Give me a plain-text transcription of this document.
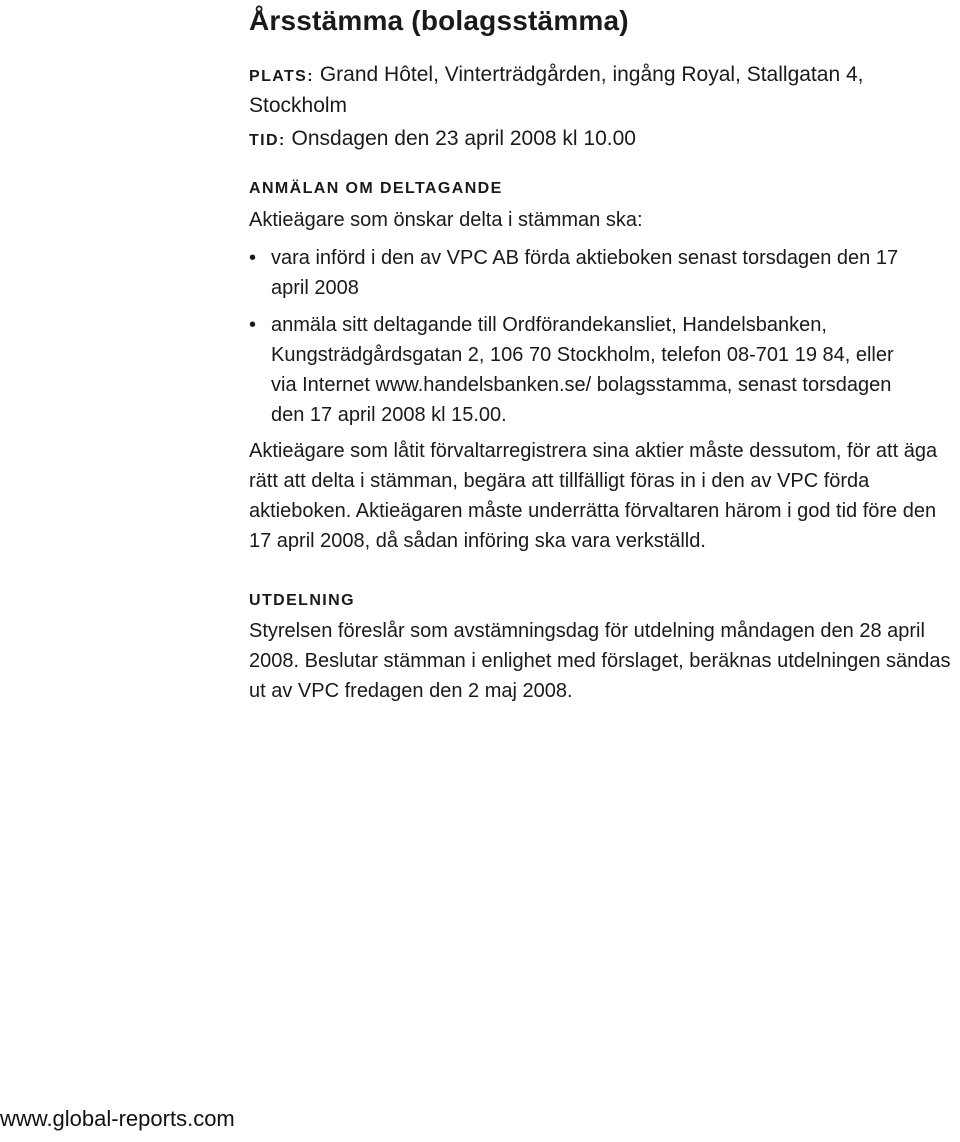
Årsstämma (bolagsstämma)
PLATS: Grand Hôtel, Vinterträdgården, ingång Royal, Stallgatan 4, Stockholm
TID: Onsdagen den 23 april 2008 kl 10.00
ANMÄLAN OM DELTAGANDE

Aktieägare som önskar delta i stämman ska:

• vara införd i den av VPC AB förda aktieboken senast torsdagen den 17 april 2008
• anmäla sitt deltagande till Ordförandekansliet, Handelsbanken, Kungsträdgårdsgatan 2, 106 70 Stockholm, telefon 08-701 19 84, eller via Internet www.handelsbanken.se/ bolagsstamma, senast torsdagen den 17 april 2008 kl 15.00.

Aktieägare som låtit förvaltarregistrera sina aktier måste dessutom, för att äga rätt att delta i stämman, begära att tillfälligt föras in i den av VPC förda aktieboken. Aktieägaren måste underrätta förvaltaren härom i god tid före den 17 april 2008, då sådan införing ska vara verkställd.

UTDELNING

Styrelsen föreslår som avstämningsdag för utdelning måndagen den 28 april 2008. Beslutar stämman i enlighet med förslaget, beräknas utdelningen sändas ut av VPC fredagen den 2 maj 2008.

www.global-reports.com
